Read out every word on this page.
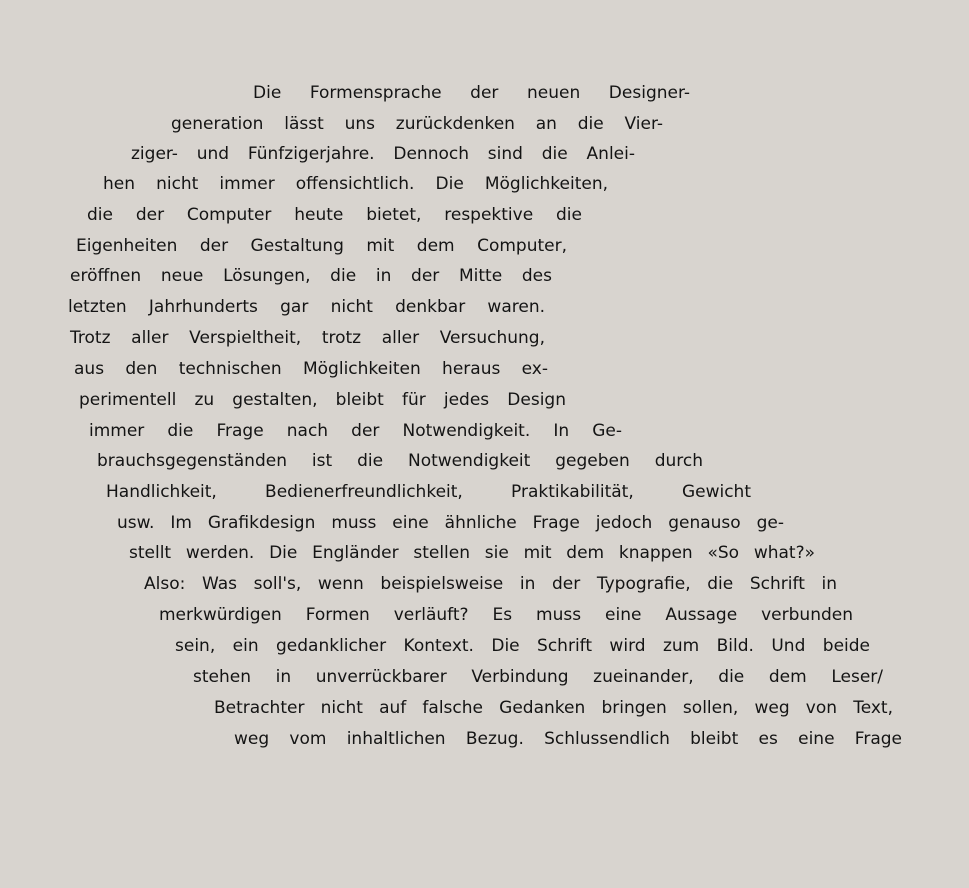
Die Formensprache der neuen Designer-
generation lässt uns zurückdenken an die Vier-
ziger- und Fünfzigerjahre. Dennoch sind die Anlei-
hen nicht immer offensichtlich. Die Möglichkeiten,
die der Computer heute bietet, respektive die
Eigenheiten der Gestaltung mit dem Computer,
eröffnen neue Lösungen, die in der Mitte des
letzten Jahrhunderts gar nicht denkbar waren.
Trotz aller Verspieltheit, trotz aller Versuchung,
aus den technischen Möglichkeiten heraus ex-
perimentell zu gestalten, bleibt für jedes Design
immer die Frage nach der Notwendigkeit. In Ge-
brauchsgegenständen ist die Notwendigkeit gegeben durch
Handlichkeit, Bedienerfreundlichkeit, Praktikabilität, Gewicht
usw. Im Grafikdesign muss eine ähnliche Frage jedoch genauso ge-
stellt werden. Die Engländer stellen sie mit dem knappen «So what?»
Also: Was soll's, wenn beispielsweise in der Typografie, die Schrift in
merkwürdigen Formen verläuft? Es muss eine Aussage verbunden
sein, ein gedanklicher Kontext. Die Schrift wird zum Bild. Und beide
stehen in unverrückbarer Verbindung zueinander, die dem Leser/
Betrachter nicht auf falsche Gedanken bringen sollen, weg von Text,
weg vom inhaltlichen Bezug. Schlussendlich bleibt es eine Frage
